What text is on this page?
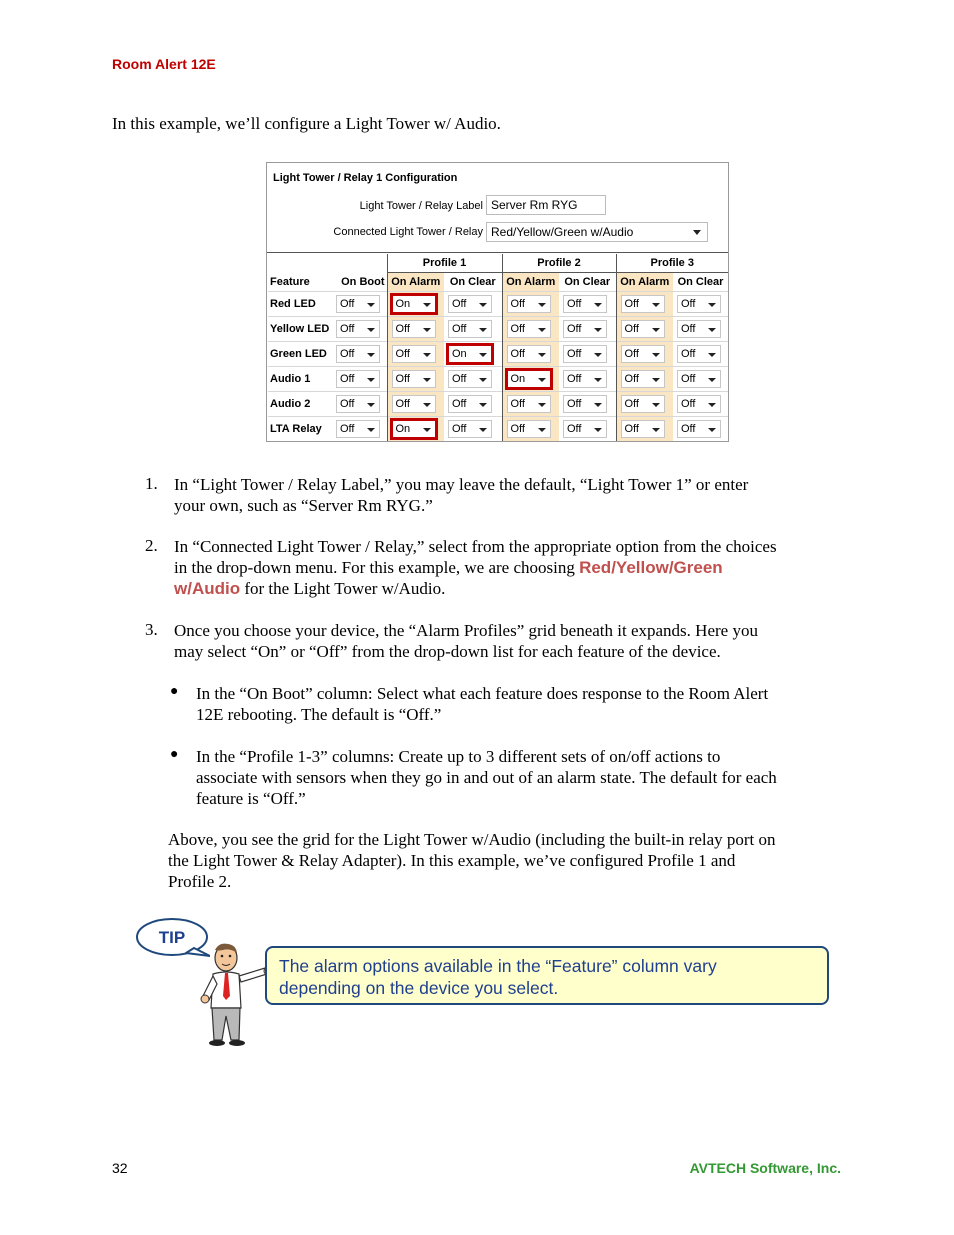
Room Alert 12E
In this example, we’ll configure a Light Tower w/ Audio.
Light Tower / Relay 1 Configuration
Light Tower / Relay Label
Server Rm RYG
Connected Light Tower / Relay Red/Yellow/Green w/Audio
		Profile 1		Profile 2		Profile 3	
Feature	On Boot	On Alarm	On Clear	On Alarm	On Clear	On Alarm	On Clear
Red LED	Off	On	Off	Off	Off	Off	Off

Yellow LED	Off	Off	Off	Off	Off	Off	Off

Green LED	Off	Off	On	Off	Off	Off	Off

Audio 1	Off	Off	Off	On	Off	Off	Off

Audio 2	Off	Off	Off	Off	Off	Off	Off

LTA Relay	Off	On	Off	Off	Off	Off	Off
1. In “Light Tower / Relay Label,” you may leave the default, “Light Tower 1” or enter
your own, such as “Server Rm RYG.”
2. In “Connected Light Tower / Relay,” select from the appropriate option from the choices
in the drop-down menu. For this example, we are choosing Red/Yellow/Green
w/Audio for the Light Tower w/Audio.
3. Once you choose your device, the “Alarm Profiles” grid beneath it expands. Here you
may select “On” or “Off” from the drop-down list for each feature of the device.
● In the “On Boot” column: Select what each feature does response to the Room Alert
12E rebooting. The default is “Off.”
● In the “Profile 1-3” columns: Create up to 3 different sets of on/off actions to
associate with sensors when they go in and out of an alarm state. The default for each
feature is “Off.”
Above, you see the grid for the Light Tower w/Audio (including the built-in relay port on
the Light Tower & Relay Adapter). In this example, we’ve configured Profile 1 and
Profile 2.
TIP
The alarm options available in the “Feature” column vary
depending on the device you select.
32	AVTECH Software, Inc.
